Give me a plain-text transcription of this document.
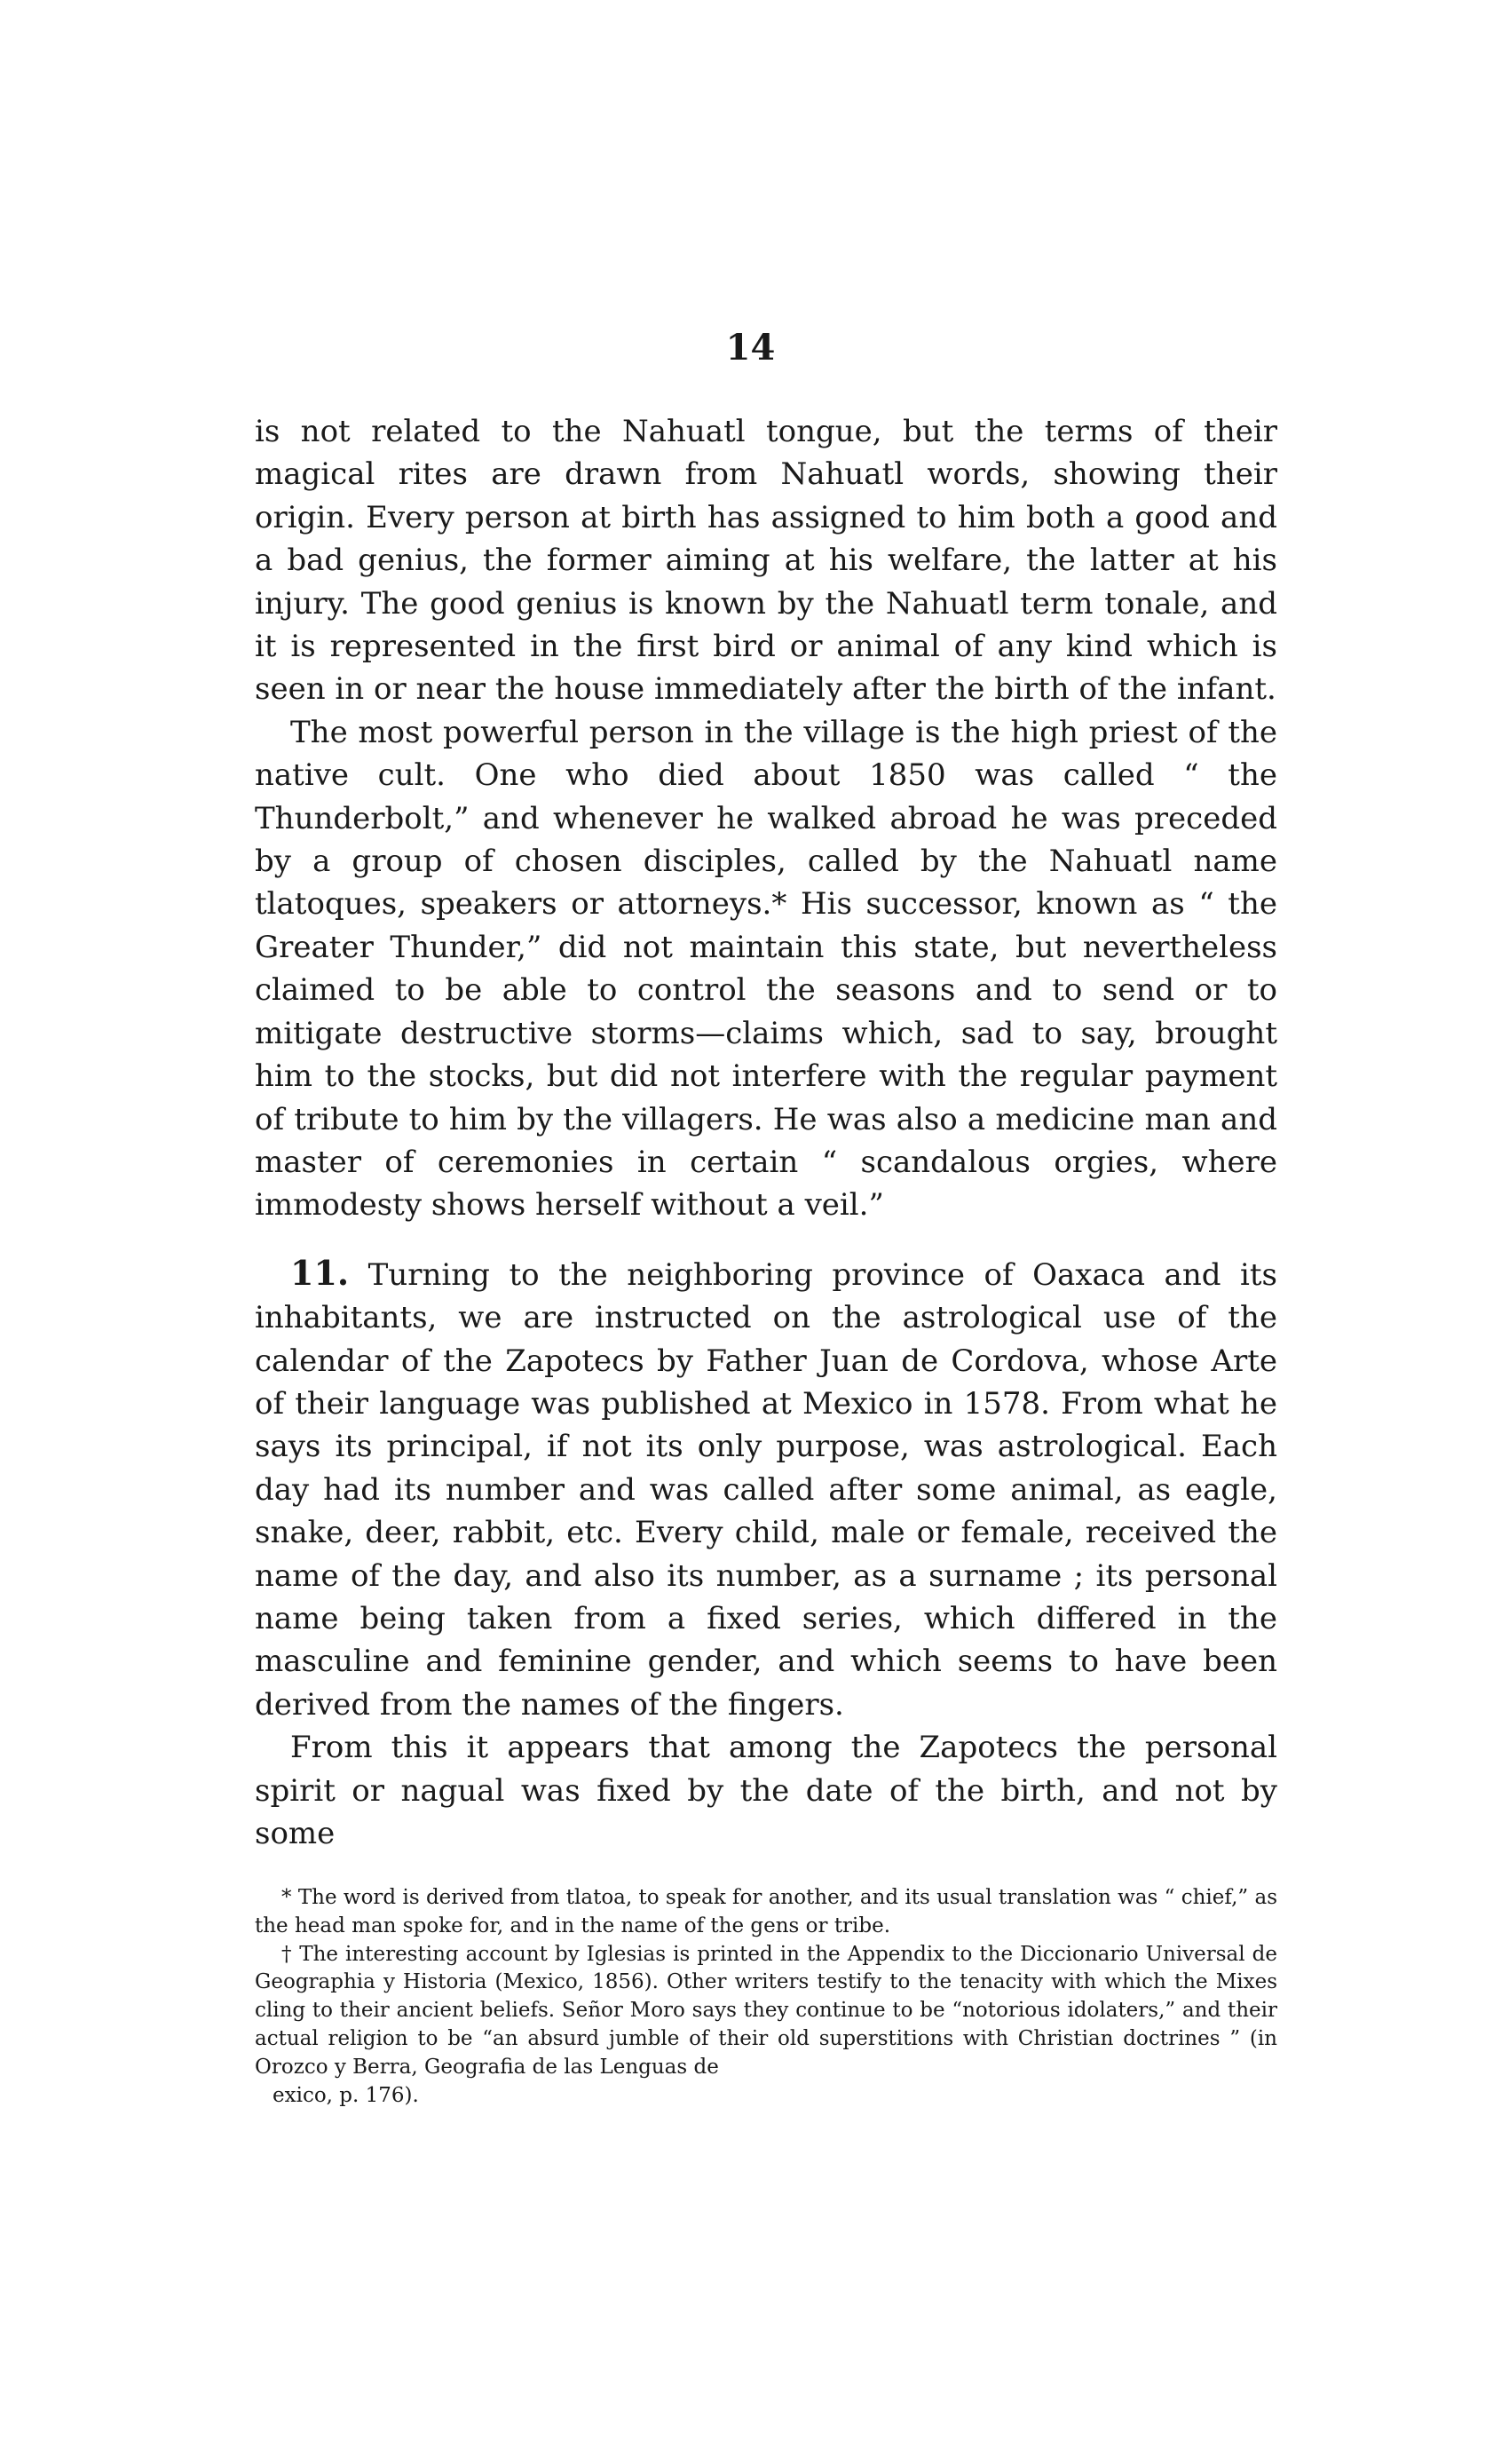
14

is not related to the Nahuatl tongue, but the terms of their magical rites are drawn from Nahuatl words, showing their origin. Every person at birth has assigned to him both a good and a bad genius, the former aiming at his welfare, the latter at his injury. The good genius is known by the Nahuatl term tonale, and it is represented in the first bird or animal of any kind which is seen in or near the house immediately after the birth of the infant.

The most powerful person in the village is the high priest of the native cult. One who died about 1850 was called “ the Thunderbolt,” and whenever he walked abroad he was preceded by a group of chosen disciples, called by the Nahuatl name tlatoques, speakers or attorneys.* His successor, known as “ the Greater Thunder,” did not maintain this state, but nevertheless claimed to be able to control the seasons and to send or to mitigate destructive storms—claims which, sad to say, brought him to the stocks, but did not interfere with the regular payment of tribute to him by the villagers. He was also a medicine man and master of ceremonies in certain “ scandalous orgies, where immodesty shows herself without a veil.”

11. Turning to the neighboring province of Oaxaca and its inhabitants, we are instructed on the astrological use of the calendar of the Zapotecs by Father Juan de Cordova, whose Arte of their language was published at Mexico in 1578. From what he says its principal, if not its only purpose, was astrological. Each day had its number and was called after some animal, as eagle, snake, deer, rabbit, etc. Every child, male or female, received the name of the day, and also its number, as a surname ; its personal name being taken from a fixed series, which differed in the masculine and feminine gender, and which seems to have been derived from the names of the fingers.

From this it appears that among the Zapotecs the personal spirit or nagual was fixed by the date of the birth, and not by some

* The word is derived from tlatoa, to speak for another, and its usual translation was “ chief,” as the head man spoke for, and in the name of the gens or tribe.

† The interesting account by Iglesias is printed in the Appendix to the Diccionario Universal de Geographia y Historia (Mexico, 1856). Other writers testify to the tenacity with which the Mixes cling to their ancient beliefs. Señor Moro says they continue to be “notorious idolaters,” and their actual religion to be “an absurd jumble of their old superstitions with Christian doctrines ” (in Orozco y Berra, Geografia de las Lenguas de

exico, p. 176).
